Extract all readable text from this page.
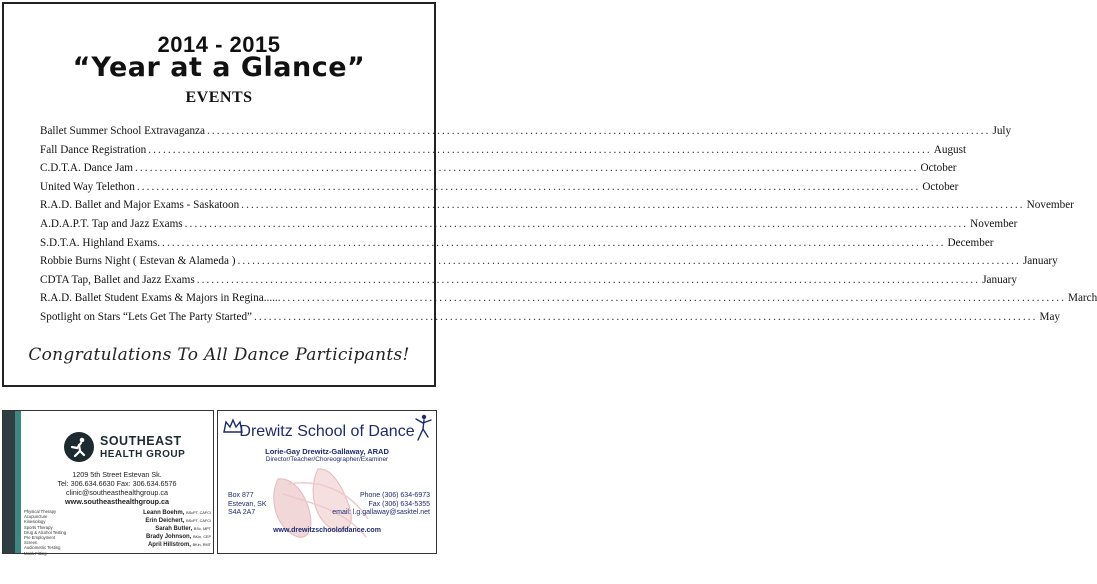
2014 - 2015
“Year at a Glance”
EVENTS
Ballet Summer School Extravaganza ................................................................................................................................................................ July
Fall Dance Registration ................................................................................................................................................................ August
C.D.T.A. Dance Jam ................................................................................................................................................................ October
United Way Telethon ................................................................................................................................................................ October
R.A.D. Ballet and Major Exams - Saskatoon ................................................................................................................................................................ November
A.D.A.P.T. Tap and Jazz Exams ................................................................................................................................................................ November
S.D.T.A. Highland Exams. ................................................................................................................................................................ December
Robbie Burns Night ( Estevan & Alameda ) ................................................................................................................................................................ January
CDTA Tap, Ballet and Jazz Exams ................................................................................................................................................................ January
R.A.D. Ballet Student Exams & Majors in Regina...... ................................................................................................................................................................ March
Spotlight on Stars “Lets Get The Party Started” ................................................................................................................................................................ May
Congratulations To All Dance Participants!
SOUTHEAST
HEALTH GROUP
1209 5th Street Estevan Sk.
Tel: 306.634.6630 Fax: 306.634.6576
clinic@southeasthealthgroup.ca
www.southeasthealthgroup.ca
Physical Therapy
Acupuncture
Kinesiology
Sports Therapy
Drug & Alcohol Testing
Pre Employment
Screen
Audiometric Testing
Mask Fitting
Leann Boehm, BScPT, CAFCI
Erin Deichert, BScPT, CAFCI
Sarah Butler, BSc, MPT
Brady Johnson, BKin, CEP
April Hillstrom, BKin, RMT
Drewitz School of Dance
Lorie-Gay Drewitz-Gallaway, ARAD
Director/Teacher/Choreographer/Examiner
Box 877
Estevan, SK
S4A 2A7
Phone (306) 634-6973
Fax (306) 634-5355
email: l.g.gallaway@sasktel.net
www.drewitzschoolofdance.com
